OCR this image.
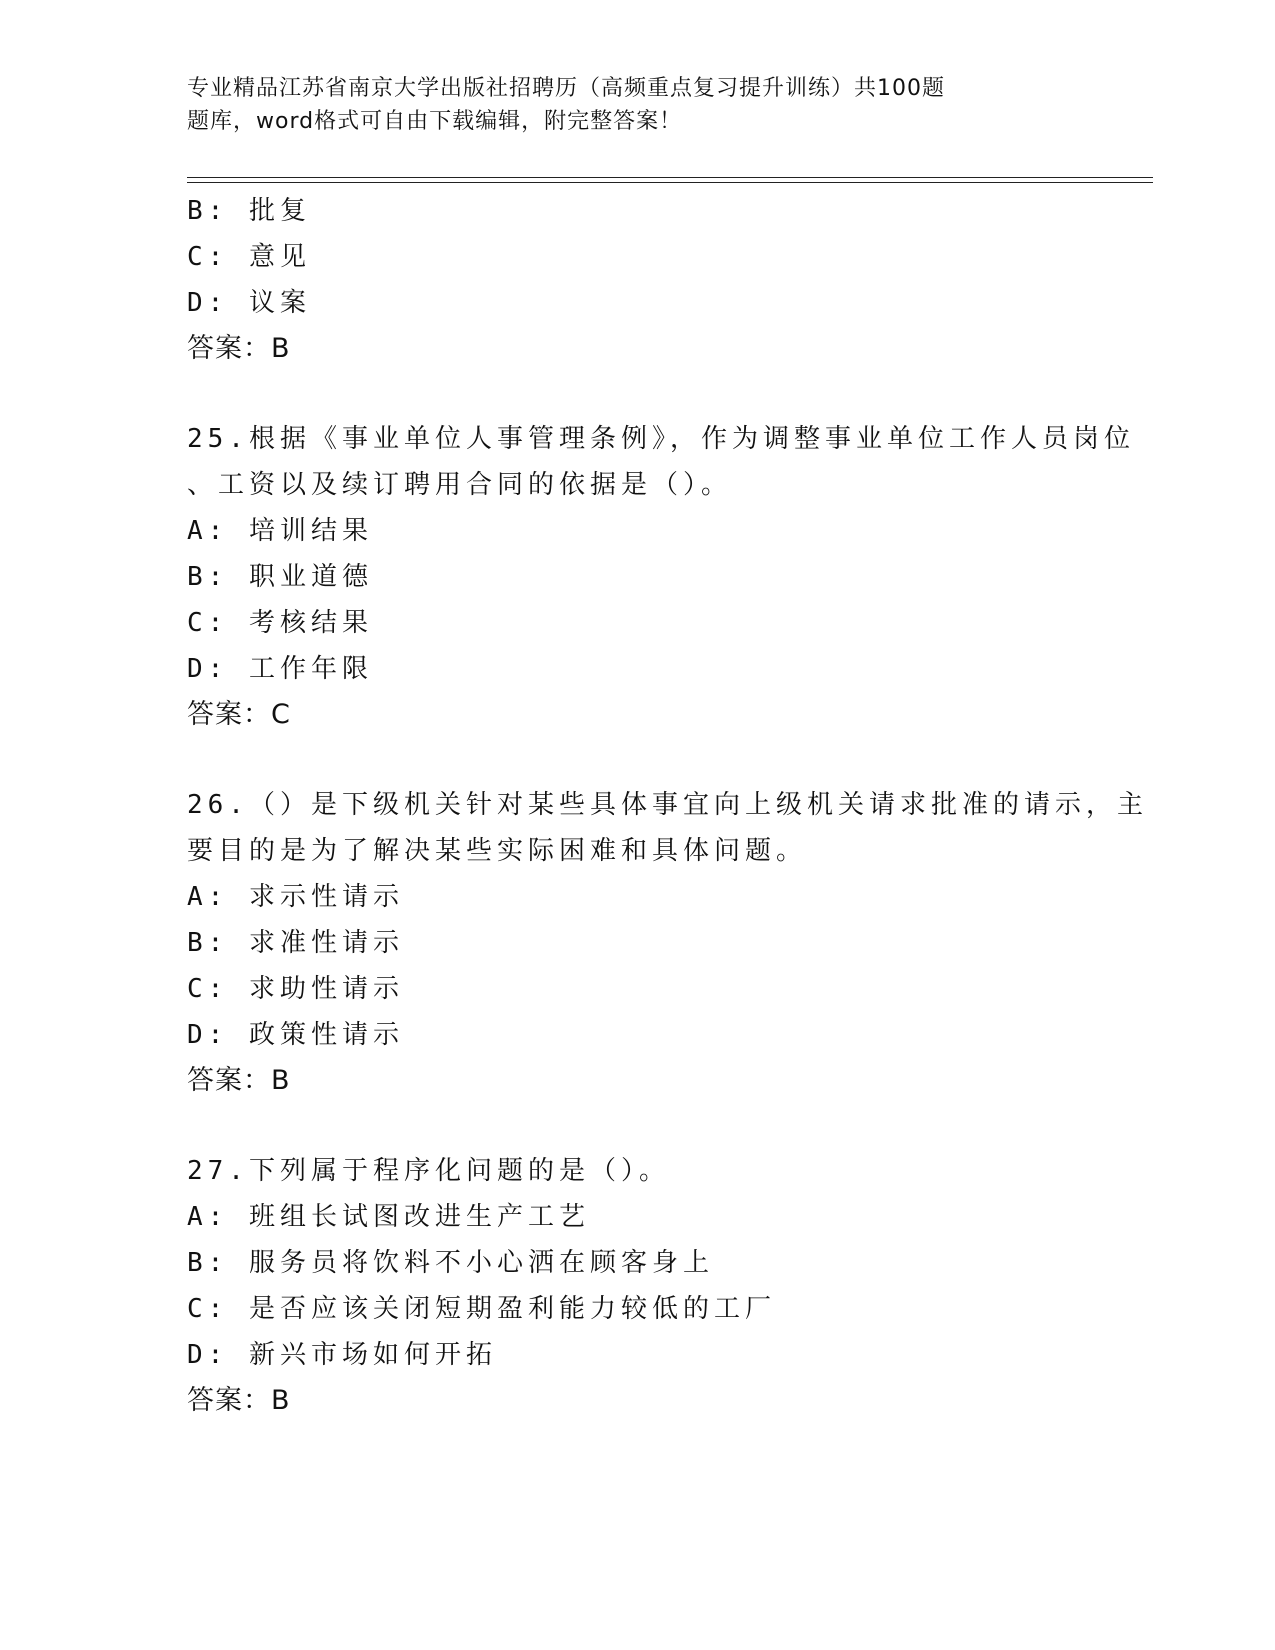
专业精品江苏省南京大学出版社招聘历（高频重点复习提升训练）共100题
题库，word格式可自由下载编辑，附完整答案！
B: 批复
C: 意见
D: 议案
答案：B
25.根据《事业单位人事管理条例》，作为调整事业单位工作人员岗位
、工资以及续订聘用合同的依据是（）。
A: 培训结果
B: 职业道德
C: 考核结果
D: 工作年限
答案：C
26.（）是下级机关针对某些具体事宜向上级机关请求批准的请示，主
要目的是为了解决某些实际困难和具体问题。
A: 求示性请示
B: 求准性请示
C: 求助性请示
D: 政策性请示
答案：B
27.下列属于程序化问题的是（）。
A: 班组长试图改进生产工艺
B: 服务员将饮料不小心洒在顾客身上
C: 是否应该关闭短期盈利能力较低的工厂
D: 新兴市场如何开拓
答案：B
